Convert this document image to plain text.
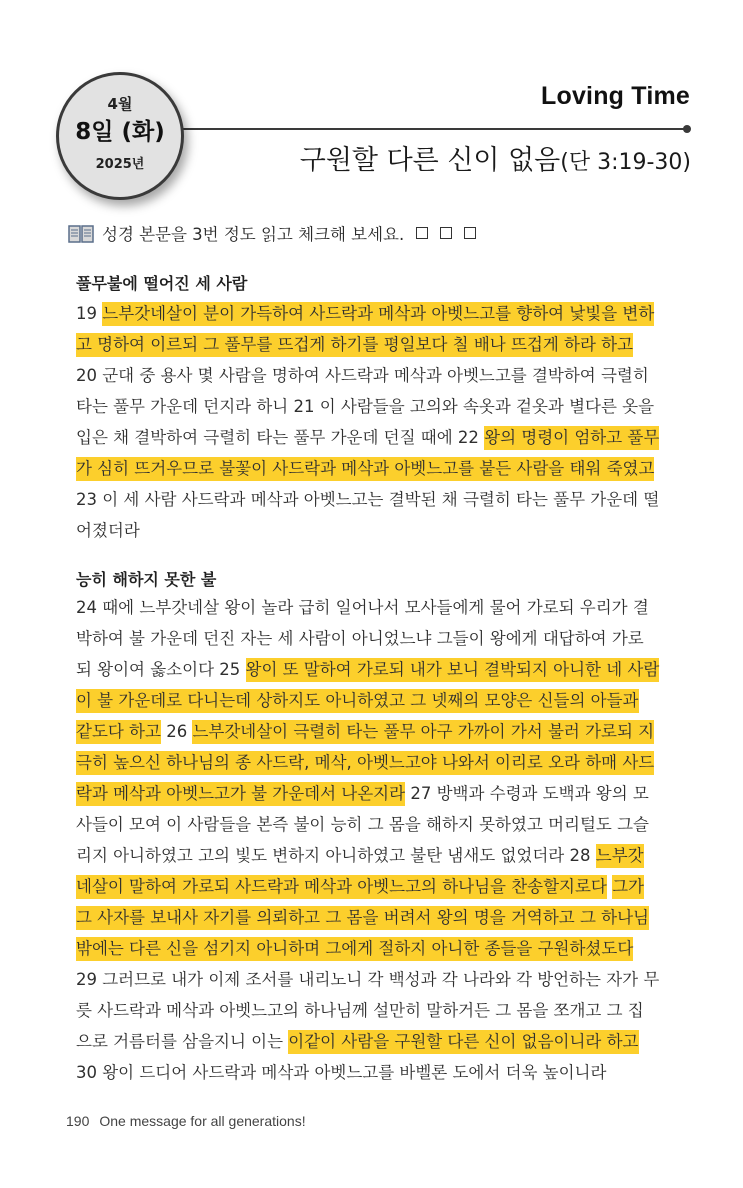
4월
8일 (화)
2025년
Loving Time
구원할 다른 신이 없음(단 3:19-30)
성경 본문을 3번 정도 읽고 체크해 보세요.
풀무불에 떨어진 세 사람
19 느부갓네살이 분이 가득하여 사드락과 메삭과 아벳느고를 향하여 낯빛을 변하
고 명하여 이르되 그 풀무를 뜨겁게 하기를 평일보다 칠 배나 뜨겁게 하라 하고
20 군대 중 용사 몇 사람을 명하여 사드락과 메삭과 아벳느고를 결박하여 극렬히
타는 풀무 가운데 던지라 하니 21 이 사람들을 고의와 속옷과 겉옷과 별다른 옷을
입은 채 결박하여 극렬히 타는 풀무 가운데 던질 때에 22 왕의 명령이 엄하고 풀무
가 심히 뜨거우므로 불꽃이 사드락과 메삭과 아벳느고를 붙든 사람을 태워 죽였고
23 이 세 사람 사드락과 메삭과 아벳느고는 결박된 채 극렬히 타는 풀무 가운데 떨
어졌더라
능히 해하지 못한 불
24 때에 느부갓네살 왕이 놀라 급히 일어나서 모사들에게 물어 가로되 우리가 결
박하여 불 가운데 던진 자는 세 사람이 아니었느냐 그들이 왕에게 대답하여 가로
되 왕이여 옳소이다 25 왕이 또 말하여 가로되 내가 보니 결박되지 아니한 네 사람
이 불 가운데로 다니는데 상하지도 아니하였고 그 넷째의 모양은 신들의 아들과
같도다 하고 26 느부갓네살이 극렬히 타는 풀무 아구 가까이 가서 불러 가로되 지
극히 높으신 하나님의 종 사드락, 메삭, 아벳느고야 나와서 이리로 오라 하매 사드
락과 메삭과 아벳느고가 불 가운데서 나온지라 27 방백과 수령과 도백과 왕의 모
사들이 모여 이 사람들을 본즉 불이 능히 그 몸을 해하지 못하였고 머리털도 그슬
리지 아니하였고 고의 빛도 변하지 아니하였고 불탄 냄새도 없었더라 28 느부갓
네살이 말하여 가로되 사드락과 메삭과 아벳느고의 하나님을 찬송할지로다 그가
그 사자를 보내사 자기를 의뢰하고 그 몸을 버려서 왕의 명을 거역하고 그 하나님
밖에는 다른 신을 섬기지 아니하며 그에게 절하지 아니한 종들을 구원하셨도다
29 그러므로 내가 이제 조서를 내리노니 각 백성과 각 나라와 각 방언하는 자가 무
릇 사드락과 메삭과 아벳느고의 하나님께 설만히 말하거든 그 몸을 쪼개고 그 집
으로 거름터를 삼을지니 이는 이같이 사람을 구원할 다른 신이 없음이니라 하고
30 왕이 드디어 사드락과 메삭과 아벳느고를 바벨론 도에서 더욱 높이니라
190 One message for all generations!
